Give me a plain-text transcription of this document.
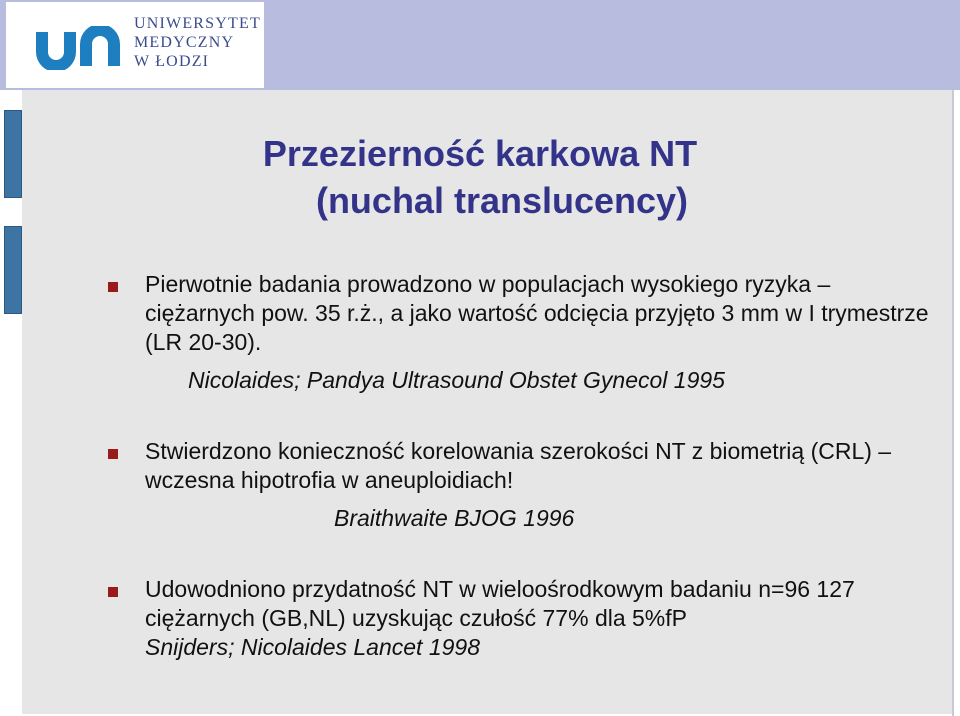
UNIWERSYTET
MEDYCZNY
W ŁODZI
Przezierność karkowa NT
(nuchal translucency)
Pierwotnie badania prowadzono w populacjach wysokiego ryzyka – ciężarnych pow. 35 r.ż., a jako wartość odcięcia przyjęto 3 mm w I trymestrze (LR 20-30).
Nicolaides; Pandya Ultrasound Obstet Gynecol 1995
Stwierdzono konieczność korelowania szerokości NT z biometrią (CRL) – wczesna hipotrofia w aneuploidiach!
Braithwaite BJOG 1996
Udowodniono przydatność NT w wieloośrodkowym badaniu n=96 127 ciężarnych (GB,NL) uzyskując czułość 77% dla 5%fP
Snijders; Nicolaides Lancet 1998
